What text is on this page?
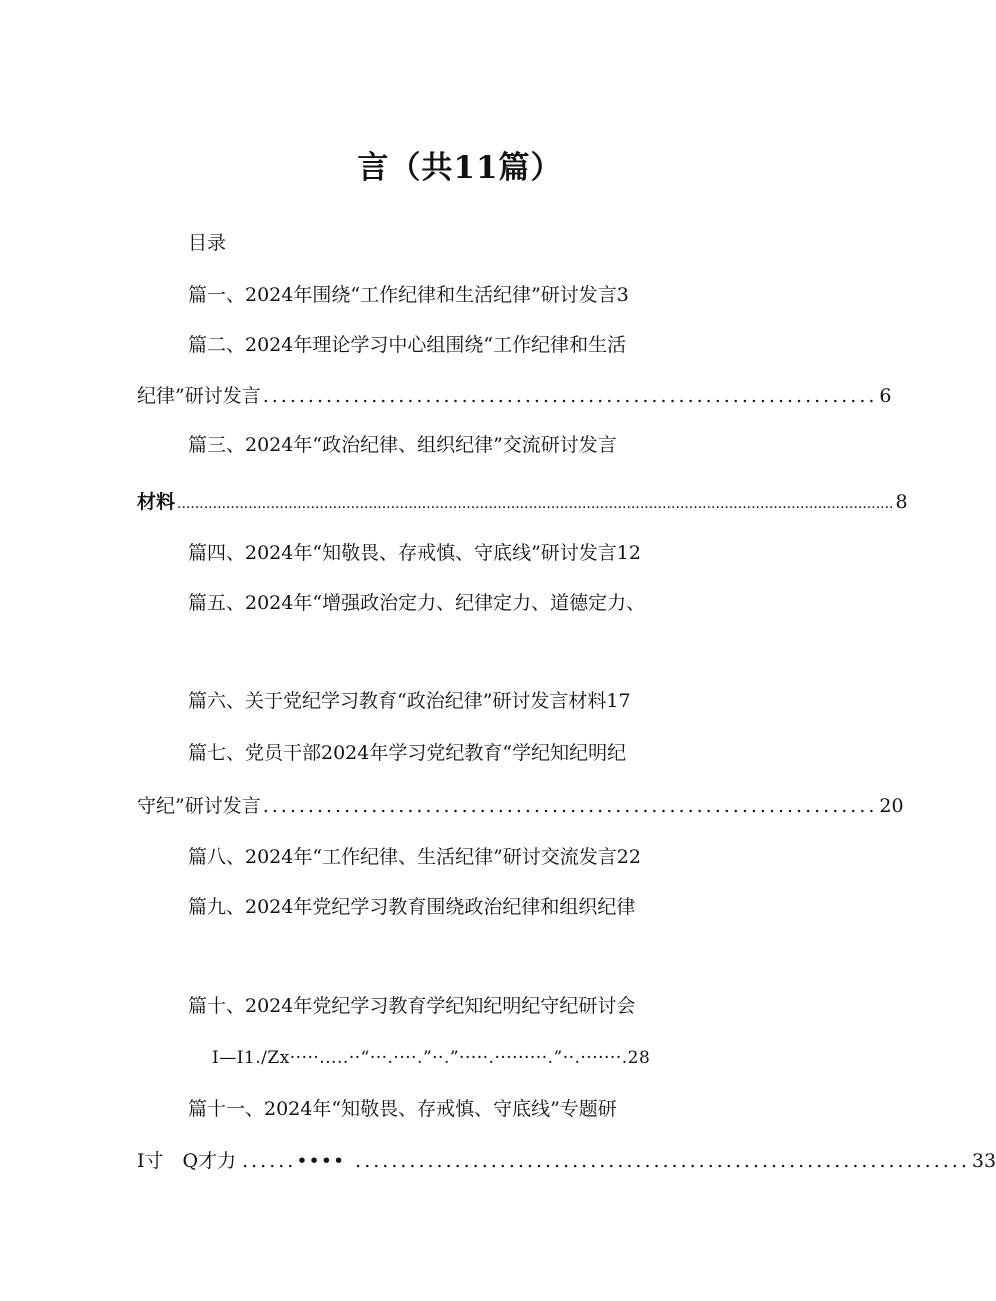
言（共11篇）
目录
篇一、2024年围绕“工作纪律和生活纪律”研讨发言3
篇二、2024年理论学习中心组围绕“工作纪律和生活
纪律”研讨发言 .................................................................... 6
篇三、2024年“政治纪律、组织纪律”交流研讨发言
材料 ................................................................................................................................................................. 8
篇四、2024年“知敬畏、存戒慎、守底线”研讨发言12
篇五、2024年“增强政治定力、纪律定力、道德定力、
篇六、关于党纪学习教育“政治纪律”研讨发言材料17
篇七、党员干部2024年学习党纪教育“学纪知纪明纪
守纪”研讨发言 .................................................................... 20
篇八、2024年“工作纪律、生活纪律”研讨交流发言22
篇九、2024年党纪学习教育围绕政治纪律和组织纪律
篇十、2024年党纪学习教育学纪知纪明纪守纪研讨会
I—I1./Zx·····.....··“···.····.”··.”·····.·········.”··.·······.28
篇十一、2024年“知敬畏、存戒慎、守底线”专题研
I寸　Q才力 ...... •••• .................................................................... 33
